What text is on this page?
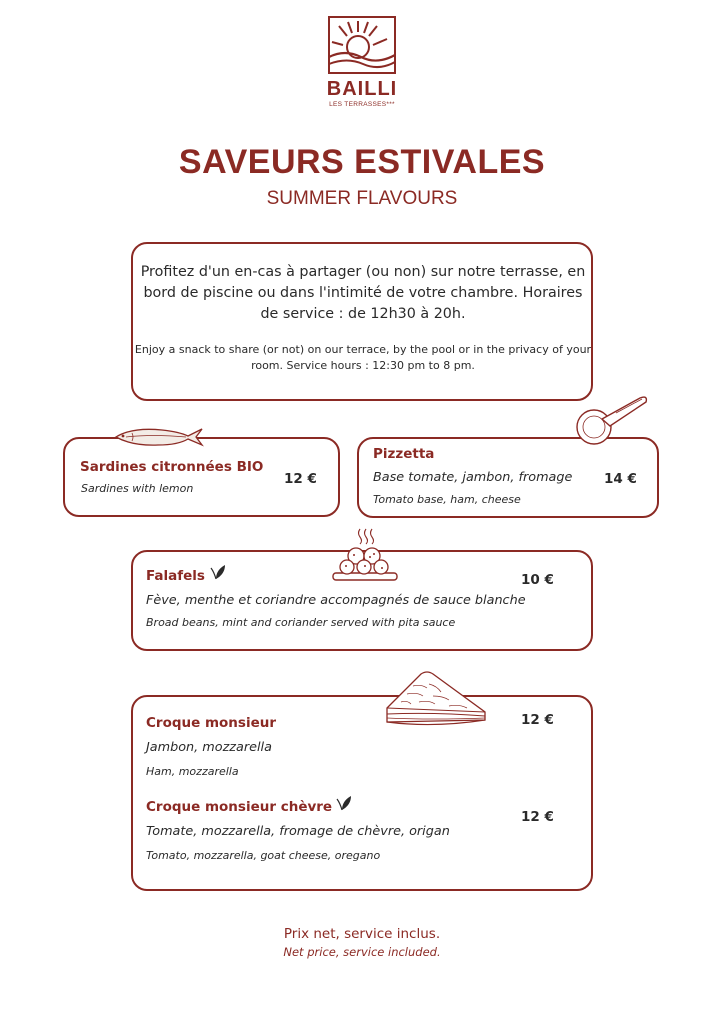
BAILLI
LES TERRASSES***
SAVEURS ESTIVALES
SUMMER FLAVOURS
Profitez d'un en-cas à partager (ou non) sur notre terrasse, en bord de piscine ou dans l'intimité de votre chambre. Horaires de service : de 12h30 à 20h.
Enjoy a snack to share (or not) on our terrace, by the pool or in the privacy of your room. Service hours : 12:30 pm to 8 pm.
Sardines citronnées BIO
Sardines with lemon
12 €
Pizzetta
Base tomate, jambon, fromage
Tomato base, ham, cheese
14 €
Falafels
Fève, menthe et coriandre accompagnés de sauce blanche
Broad beans, mint and coriander served with pita sauce
10 €
Croque monsieur
Jambon, mozzarella
Ham, mozzarella
12 €
Croque monsieur chèvre
Tomate, mozzarella, fromage de chèvre, origan
Tomato, mozzarella, goat cheese, oregano
12 €
Prix net, service inclus.
Net price, service included.
